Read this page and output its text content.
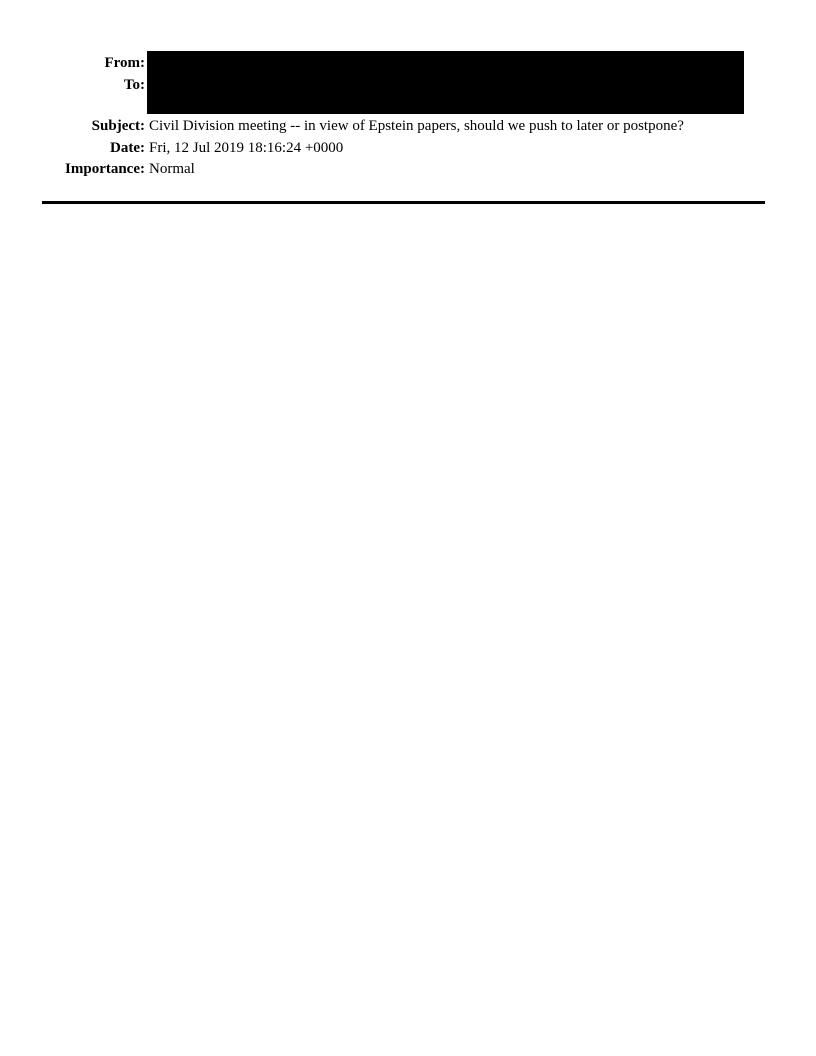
From:
To:
Subject: Civil Division meeting -- in view of Epstein papers, should we push to later or postpone?
Date: Fri, 12 Jul 2019 18:16:24 +0000
Importance: Normal
